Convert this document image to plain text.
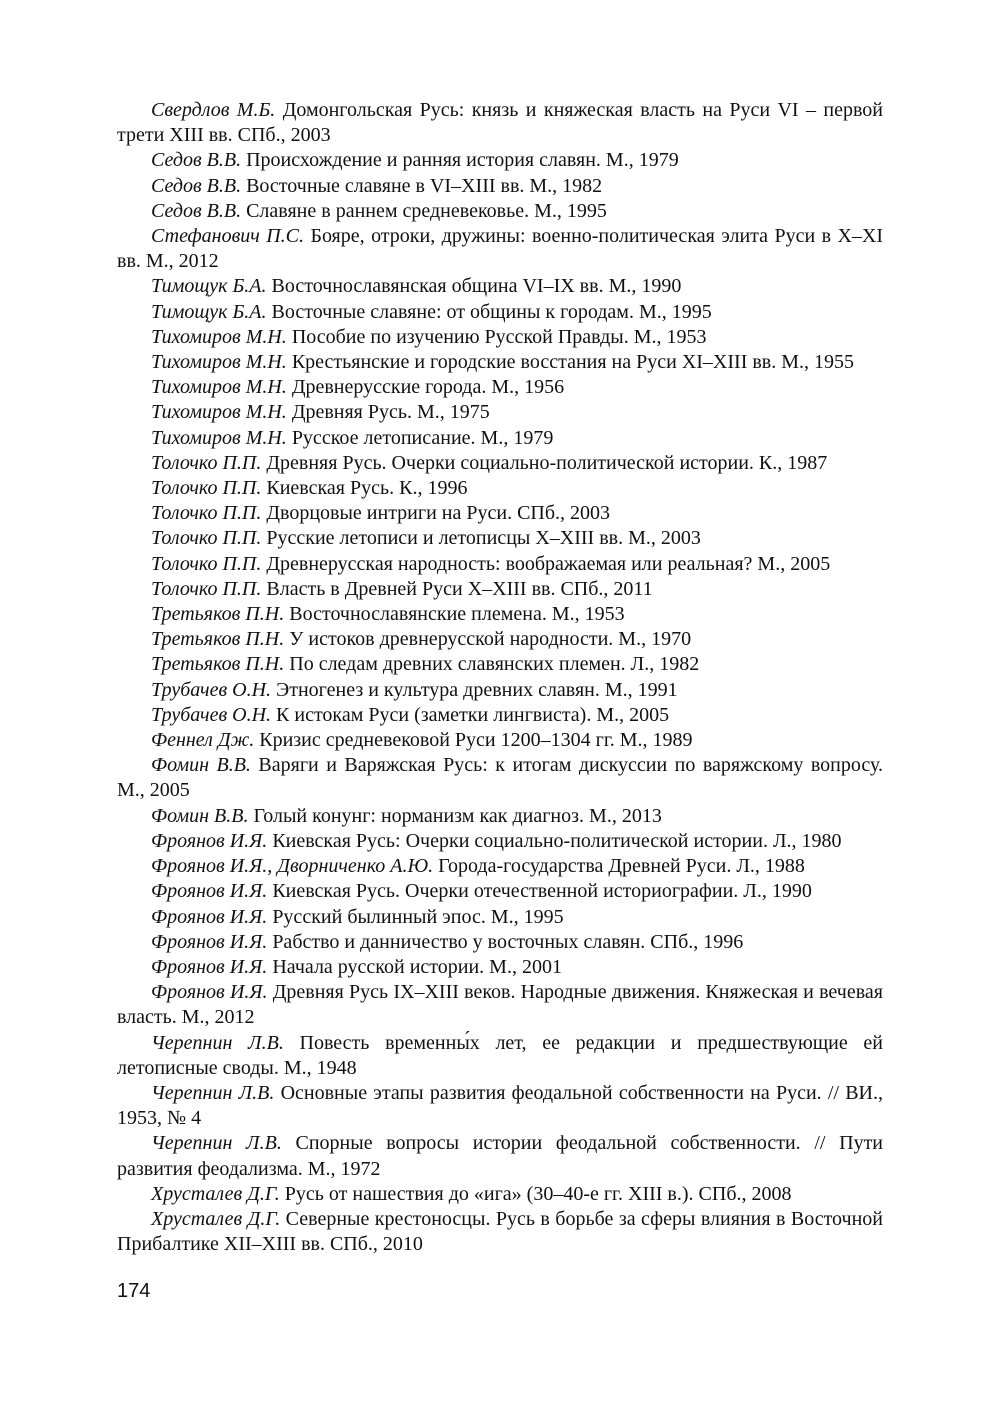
Свердлов М.Б. Домонгольская Русь: князь и княжеская власть на Руси VI – первой трети XIII вв. СПб., 2003

Седов В.В. Происхождение и ранняя история славян. М., 1979

Седов В.В. Восточные славяне в VI–XIII вв. М., 1982

Седов В.В. Славяне в раннем средневековье. М., 1995

Стефанович П.С. Бояре, отроки, дружины: военно-политическая элита Руси в X–XI вв. М., 2012

Тимощук Б.А. Восточнославянская община VI–IX вв. М., 1990

Тимощук Б.А. Восточные славяне: от общины к городам. М., 1995

Тихомиров М.Н. Пособие по изучению Русской Правды. М., 1953

Тихомиров М.Н. Крестьянские и городские восстания на Руси XI–XIII вв. М., 1955

Тихомиров М.Н. Древнерусские города. М., 1956

Тихомиров М.Н. Древняя Русь. М., 1975

Тихомиров М.Н. Русское летописание. М., 1979

Толочко П.П. Древняя Русь. Очерки социально-политической истории. К., 1987

Толочко П.П. Киевская Русь. К., 1996

Толочко П.П. Дворцовые интриги на Руси. СПб., 2003

Толочко П.П. Русские летописи и летописцы X–XIII вв. М., 2003

Толочко П.П. Древнерусская народность: воображаемая или реальная? М., 2005

Толочко П.П. Власть в Древней Руси X–XIII вв. СПб., 2011

Третьяков П.Н. Восточнославянские племена. М., 1953

Третьяков П.Н. У истоков древнерусской народности. М., 1970

Третьяков П.Н. По следам древних славянских племен. Л., 1982

Трубачев О.Н. Этногенез и культура древних славян. М., 1991

Трубачев О.Н. К истокам Руси (заметки лингвиста). М., 2005

Феннел Дж. Кризис средневековой Руси 1200–1304 гг. М., 1989

Фомин В.В. Варяги и Варяжская Русь: к итогам дискуссии по варяжскому вопросу. М., 2005

Фомин В.В. Голый конунг: норманизм как диагноз. М., 2013

Фроянов И.Я. Киевская Русь: Очерки социально-политической истории. Л., 1980

Фроянов И.Я., Дворниченко А.Ю. Города-государства Древней Руси. Л., 1988

Фроянов И.Я. Киевская Русь. Очерки отечественной историографии. Л., 1990

Фроянов И.Я. Русский былинный эпос. М., 1995

Фроянов И.Я. Рабство и данничество у восточных славян. СПб., 1996

Фроянов И.Я. Начала русской истории. М., 2001

Фроянов И.Я. Древняя Русь IX–XIII веков. Народные движения. Княжеская и вечевая власть. М., 2012

Черепнин Л.В. Повесть временны́х лет, ее редакции и предшествующие ей летописные своды. М., 1948

Черепнин Л.В. Основные этапы развития феодальной собственности на Руси. // ВИ., 1953, № 4

Черепнин Л.В. Спорные вопросы истории феодальной собственности. // Пути развития феодализма. М., 1972

Хрусталев Д.Г. Русь от нашествия до «ига» (30–40-е гг. XIII в.). СПб., 2008

Хрусталев Д.Г. Северные крестоносцы. Русь в борьбе за сферы влияния в Восточной Прибалтике XII–XIII вв. СПб., 2010

174
